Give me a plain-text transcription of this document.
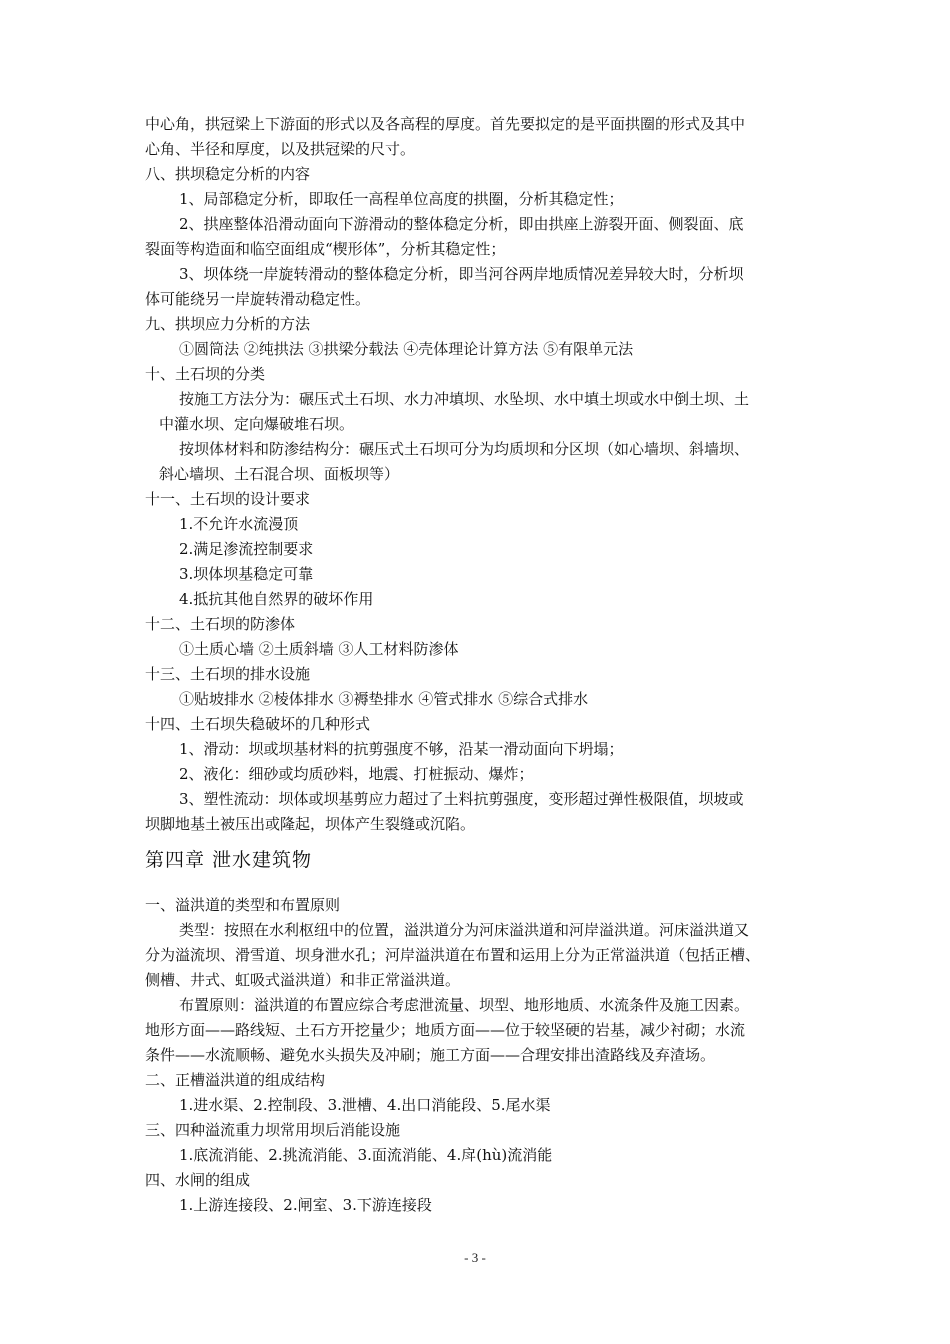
中心角，拱冠梁上下游面的形式以及各高程的厚度。首先要拟定的是平面拱圈的形式及其中
心角、半径和厚度，以及拱冠梁的尺寸。
八、拱坝稳定分析的内容
1、局部稳定分析，即取任一高程单位高度的拱圈，分析其稳定性；
2、拱座整体沿滑动面向下游滑动的整体稳定分析，即由拱座上游裂开面、侧裂面、底
裂面等构造面和临空面组成“楔形体”，分析其稳定性；
3、坝体绕一岸旋转滑动的整体稳定分析，即当河谷两岸地质情况差异较大时，分析坝
体可能绕另一岸旋转滑动稳定性。
九、拱坝应力分析的方法
①圆筒法 ②纯拱法 ③拱梁分载法 ④壳体理论计算方法 ⑤有限单元法
十、土石坝的分类
按施工方法分为：碾压式土石坝、水力冲填坝、水坠坝、水中填土坝或水中倒土坝、土
中灌水坝、定向爆破堆石坝。
按坝体材料和防渗结构分：碾压式土石坝可分为均质坝和分区坝（如心墙坝、斜墙坝、
斜心墙坝、土石混合坝、面板坝等）
十一、土石坝的设计要求
1.不允许水流漫顶
2.满足渗流控制要求
3.坝体坝基稳定可靠
4.抵抗其他自然界的破坏作用
十二、土石坝的防渗体
①土质心墙 ②土质斜墙 ③人工材料防渗体
十三、土石坝的排水设施
①贴坡排水 ②棱体排水 ③褥垫排水 ④管式排水 ⑤综合式排水
十四、土石坝失稳破坏的几种形式
1、滑动：坝或坝基材料的抗剪强度不够，沿某一滑动面向下坍塌；
2、液化：细砂或均质砂料，地震、打桩振动、爆炸；
3、塑性流动：坝体或坝基剪应力超过了土料抗剪强度，变形超过弹性极限值，坝坡或
坝脚地基土被压出或隆起，坝体产生裂缝或沉陷。
第四章 泄水建筑物
一、溢洪道的类型和布置原则
类型：按照在水利枢纽中的位置，溢洪道分为河床溢洪道和河岸溢洪道。河床溢洪道又
分为溢流坝、滑雪道、坝身泄水孔；河岸溢洪道在布置和运用上分为正常溢洪道（包括正槽、
侧槽、井式、虹吸式溢洪道）和非正常溢洪道。
布置原则：溢洪道的布置应综合考虑泄流量、坝型、地形地质、水流条件及施工因素。
地形方面——路线短、土石方开挖量少；地质方面——位于较坚硬的岩基，减少衬砌；水流
条件——水流顺畅、避免水头损失及冲刷；施工方面——合理安排出渣路线及弃渣场。
二、正槽溢洪道的组成结构
1.进水渠、2.控制段、3.泄槽、4.出口消能段、5.尾水渠
三、四种溢流重力坝常用坝后消能设施
1.底流消能、2.挑流消能、3.面流消能、4.戽(hù)流消能
四、水闸的组成
1.上游连接段、2.闸室、3.下游连接段
- 3 -
